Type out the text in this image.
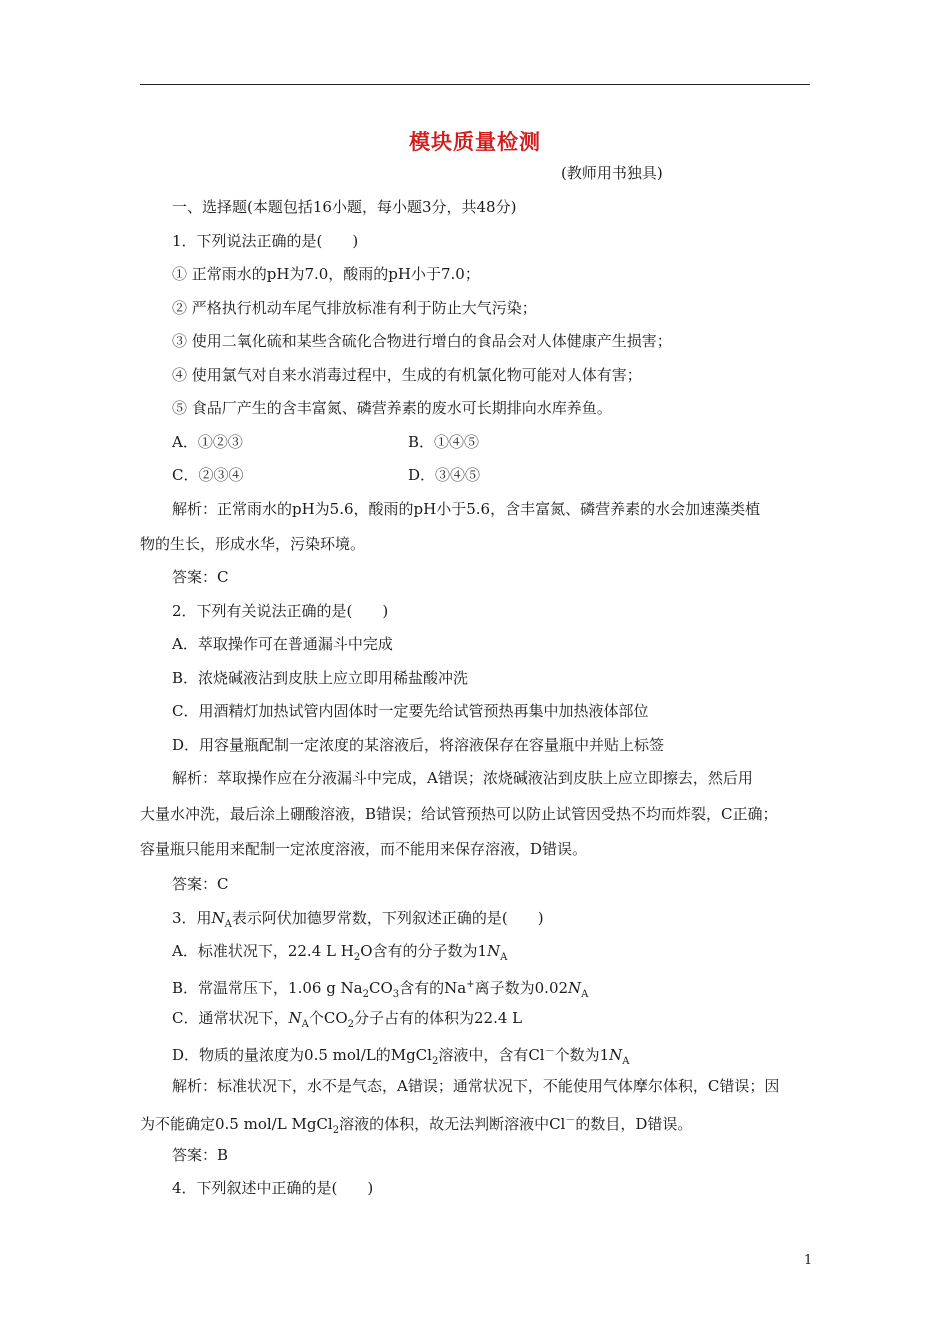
模块质量检测
(教师用书独具)
一、选择题(本题包括16小题，每小题3分，共48分)
1．下列说法正确的是(　　)
① 正常雨水的pH为7.0，酸雨的pH小于7.0；
② 严格执行机动车尾气排放标准有利于防止大气污染；
③ 使用二氧化硫和某些含硫化合物进行增白的食品会对人体健康产生损害；
④ 使用氯气对自来水消毒过程中，生成的有机氯化物可能对人体有害；
⑤ 食品厂产生的含丰富氮、磷营养素的废水可长期排向水库养鱼。
A．①②③	B．①④⑤
C．②③④	D．③④⑤
解析：正常雨水的pH为5.6，酸雨的pH小于5.6，含丰富氮、磷营养素的水会加速藻类植
物的生长，形成水华，污染环境。
答案：C
2．下列有关说法正确的是(　　)
A．萃取操作可在普通漏斗中完成
B．浓烧碱液沾到皮肤上应立即用稀盐酸冲洗
C．用酒精灯加热试管内固体时一定要先给试管预热再集中加热液体部位
D．用容量瓶配制一定浓度的某溶液后，将溶液保存在容量瓶中并贴上标签
解析：萃取操作应在分液漏斗中完成，A错误；浓烧碱液沾到皮肤上应立即擦去，然后用
大量水冲洗，最后涂上硼酸溶液，B错误；给试管预热可以防止试管因受热不均而炸裂，C正确；
容量瓶只能用来配制一定浓度溶液，而不能用来保存溶液，D错误。
答案：C
3．用$N_A$表示阿伏加德罗常数，下列叙述正确的是(　　)
A．标准状况下，22.4 L $H_2O$含有的分子数为$1N_A$
B．常温常压下，1.06 g $Na_2CO_3$含有的Na+离子数为$0.02N_A$
C．通常状况下，$N_A$个$CO_2$分子占有的体积为22.4 L
D．物质的量浓度为0.5 mol/L的MgCl$_2$溶液中，含有Cl－个数为$1N_A$
解析：标准状况下，水不是气态，A错误；通常状况下，不能使用气体摩尔体积，C错误；因
为不能确定0.5 mol/L MgCl$_2$溶液的体积，故无法判断溶液中Cl－的数目，D错误。
答案：B
4．下列叙述中正确的是(　　)
1
